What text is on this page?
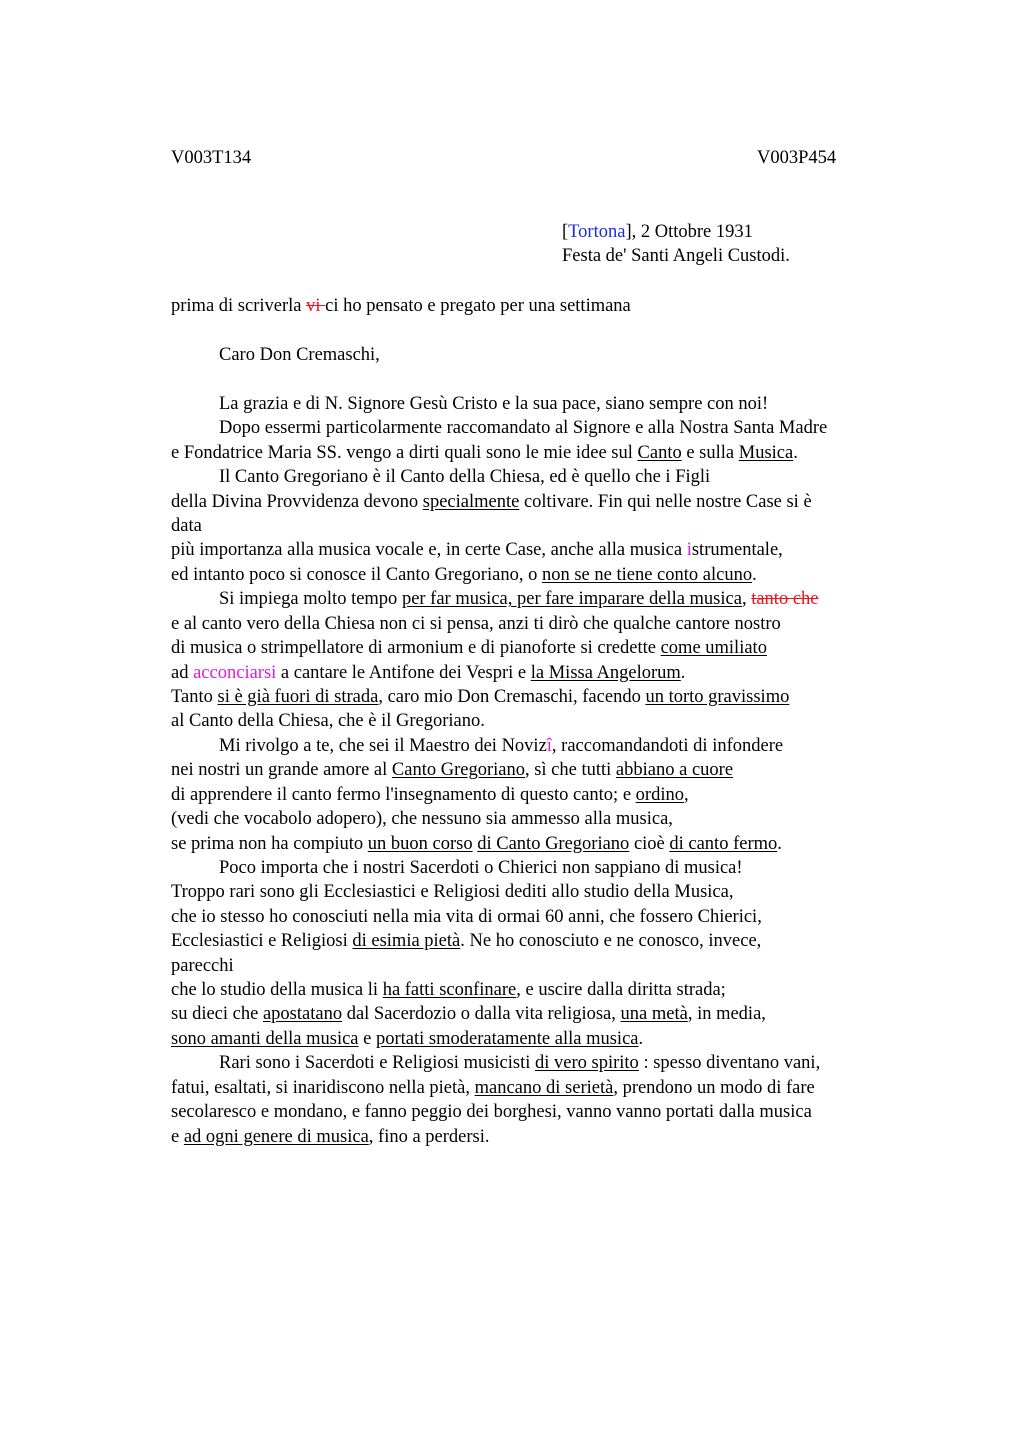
V003T134	V003P454
[Tortona], 2 Ottobre 1931
Festa de' Santi Angeli Custodi.
prima di scriverla vi ci ho pensato e pregato per una settimana
Caro Don Cremaschi,
La grazia e di N. Signore Gesù Cristo e la sua pace, siano sempre con noi!
Dopo essermi particolarmente raccomandato al Signore e alla Nostra Santa Madre
e Fondatrice Maria SS. vengo a dirti quali sono le mie idee sul Canto e sulla Musica.
Il Canto Gregoriano è il Canto della Chiesa, ed è quello che i Figli
della Divina Provvidenza devono specialmente coltivare. Fin qui nelle nostre Case si è
data
più importanza alla musica vocale e, in certe Case, anche alla musica istrumentale,
ed intanto poco si conosce il Canto Gregoriano, o non se ne tiene conto alcuno.
Si impiega molto tempo per far musica, per fare imparare della musica, tanto che
e al canto vero della Chiesa non ci si pensa, anzi ti dirò che qualche cantore nostro
di musica o strimpellatore di armonium e di pianoforte si credette come umiliato
ad acconciarsi a cantare le Antifone dei Vespri e la Missa Angelorum.
Tanto si è già fuori di strada, caro mio Don Cremaschi, facendo un torto gravissimo
al Canto della Chiesa, che è il Gregoriano.
Mi rivolgo a te, che sei il Maestro dei Novizî, raccomandandoti di infondere
nei nostri un grande amore al Canto Gregoriano, sì che tutti abbiano a cuore
di apprendere il canto fermo l'insegnamento di questo canto; e ordino,
(vedi che vocabolo adopero), che nessuno sia ammesso alla musica,
se prima non ha compiuto un buon corso di Canto Gregoriano cioè di canto fermo.
Poco importa che i nostri Sacerdoti o Chierici non sappiano di musica!
Troppo rari sono gli Ecclesiastici e Religiosi dediti allo studio della Musica,
che io stesso ho conosciuti nella mia vita di ormai 60 anni, che fossero Chierici,
Ecclesiastici e Religiosi di esimia pietà. Ne ho conosciuto e ne conosco, invece,
parecchi
che lo studio della musica li ha fatti sconfinare, e uscire dalla diritta strada;
su dieci che apostatano dal Sacerdozio o dalla vita religiosa, una metà, in media,
sono amanti della musica e portati smoderatamente alla musica.
Rari sono i Sacerdoti e Religiosi musicisti di vero spirito : spesso diventano vani,
fatui, esaltati, si inaridiscono nella pietà, mancano di serietà, prendono un modo di fare
secolaresco e mondano, e fanno peggio dei borghesi, vanno vanno portati dalla musica
e ad ogni genere di musica, fino a perdersi.
